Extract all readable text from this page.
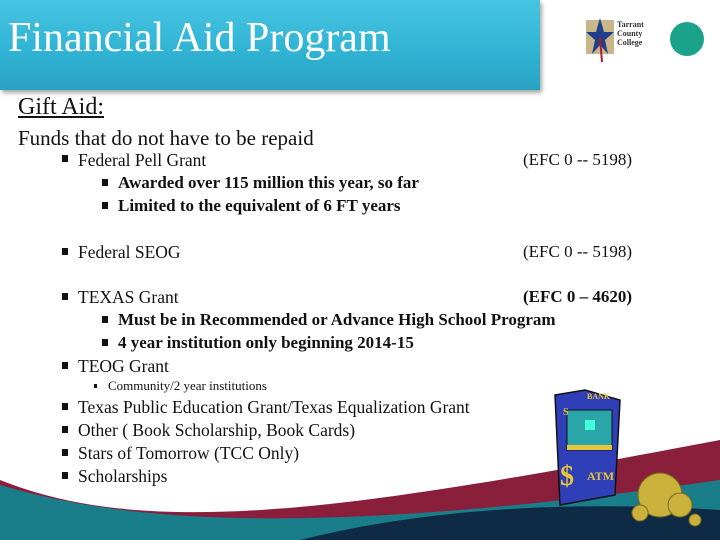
Financial Aid Program	Tarrant
County
College
Gift Aid:
Funds that do not have to be repaid
Federal Pell Grant	(EFC 0 -- 5198)
Awarded over 115 million this year, so far
Limited to the equivalent of 6 FT years
Federal SEOG	(EFC 0 -- 5198)
TEXAS Grant	(EFC 0 – 4620)
Must be in Recommended or Advance High School Program
4 year institution only beginning 2014-15
TEOG Grant
Community/2 year institutions
Texas Public Education Grant/Texas Equalization Grant
Other ( Book Scholarship, Book Cards)
Stars of Tomorrow (TCC Only)
Scholarships	$ ATM
BANK
S
